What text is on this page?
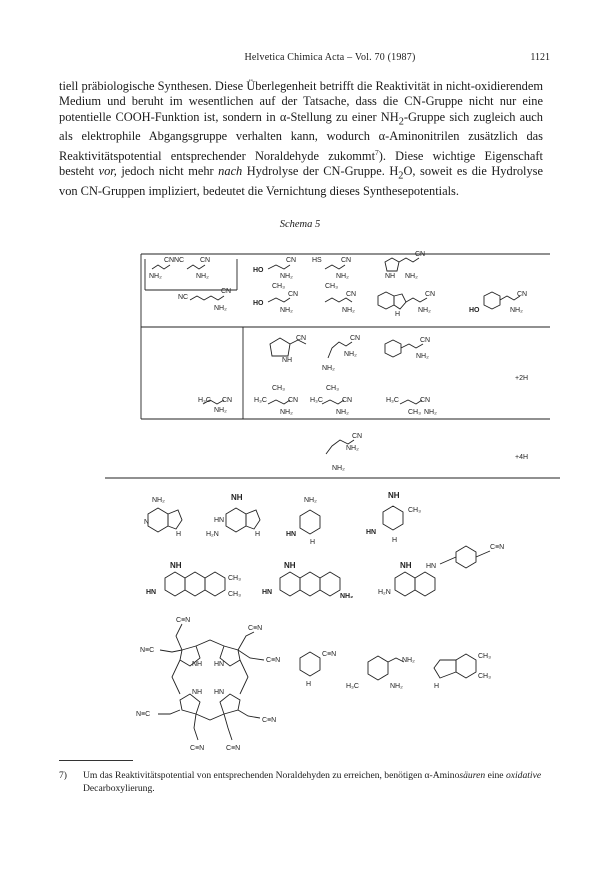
Helvetica Chimica Acta – Vol. 70 (1987)	1121

tiell präbiologische Synthesen. Diese Überlegenheit betrifft die Reaktivität in nicht-oxidierendem Medium und beruht im wesentlichen auf der Tatsache, dass die CN-Gruppe nicht nur eine potentielle COOH-Funktion ist, sondern in α-Stellung zu einer $NH_2$-Gruppe sich zugleich auch als elektrophile Abgangsgruppe verhalten kann, wodurch α-Aminonitrilen zusätzlich das Reaktivitätspotential entsprechender Noraldehyde zukommt$^7$). Diese wichtige Eigenschaft besteht vor, jedoch nicht mehr nach Hydrolyse der CN-Gruppe. $H_2O$, soweit es die Hydrolyse von CN-Gruppen impliziert, bedeutet die Vernichtung dieses Synthesepotentials.

Schema 5
CN
NH₂
NC CN
NH₂
HO
CN
NH₂
HS	CN
NH₂
CN
NH₂
NH
NC
CN
NH₂
CH₃
HO
CN
NH₂
CH₃
CN
NH₂
CN
NH₂
H
HO
CN
NH₂
CN
NH
CN
NH₂
NH₂
CN
NH₂
+2H
H₃C CN
NH₂
CH₃
H₃C	CN
NH₂
CH₃
H₃C	CN
NH₂
H₃C	CN
CH₃ NH₂
CN
NH₂
NH₂
+4H
NH₂
N
H
NH
HN
H₂N	H
NH₂
HN
H
NH
CH₃
HN
H
NH
CH₃
CH₃
HN
NH
HN
NH₂
NH
H₂N
HN
C≡N
C≡N
C≡N
C≡N
N≡C
N≡C
C≡N
C≡N	C≡N
NH HN
NH HN
C≡N
H
NH₂
H₃C	NH₂
CH₃
CH₃
H
7) Um das Reaktivitätspotential von entsprechenden Noraldehyden zu erreichen, benötigen α-Aminosäuren eine oxidative Decarboxylierung.
